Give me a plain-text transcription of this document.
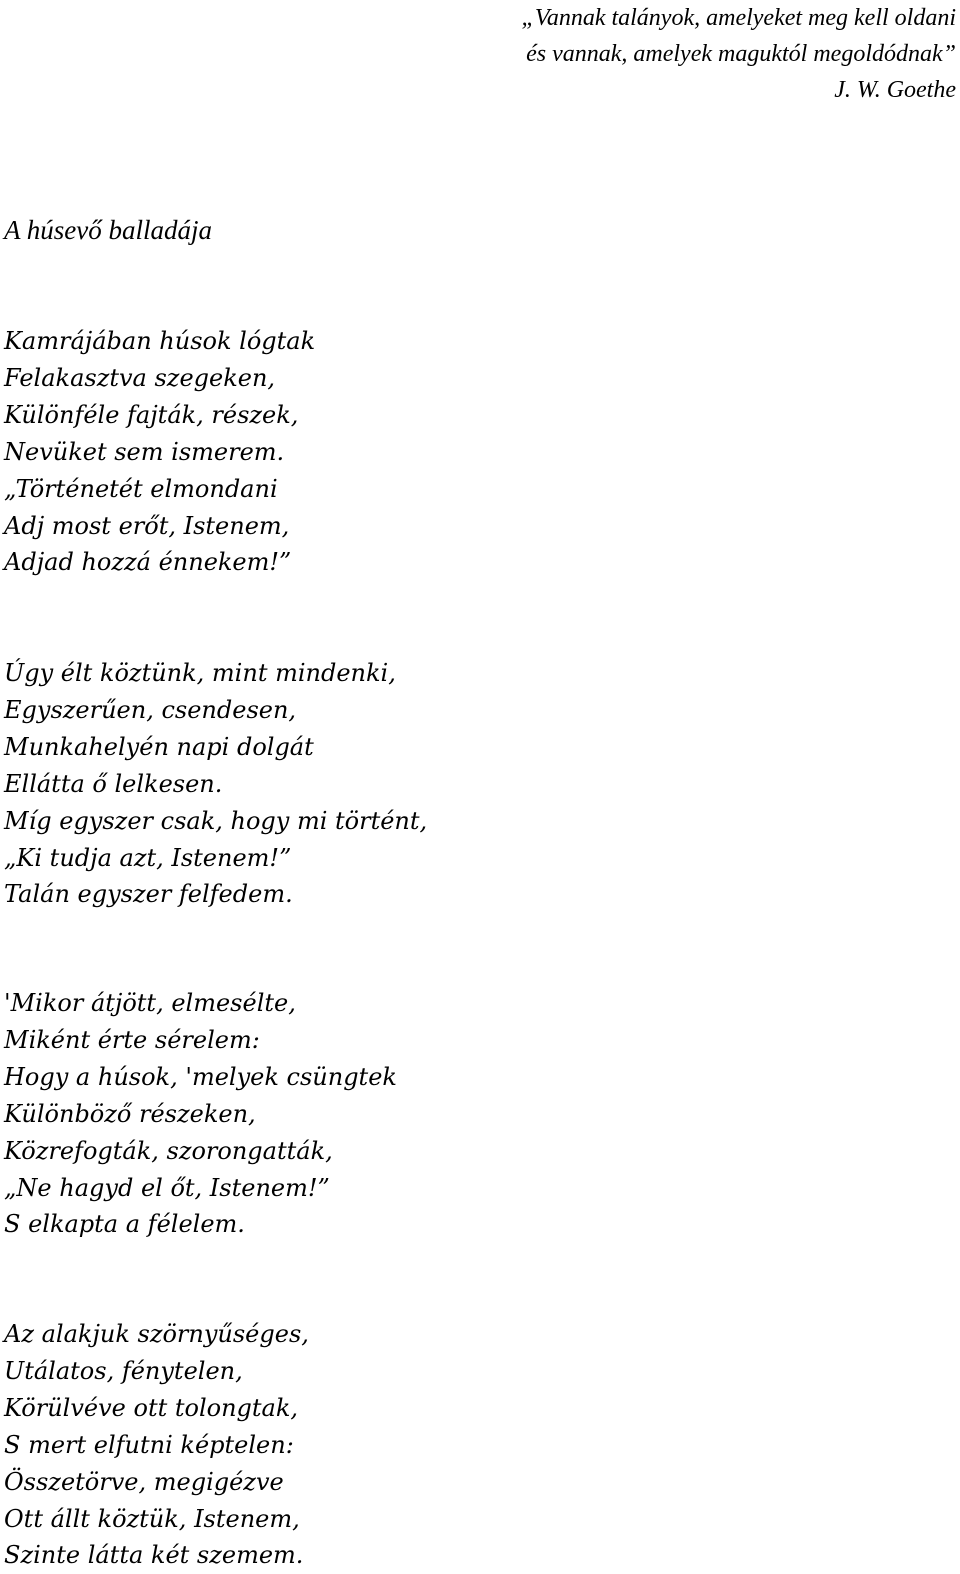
„Vannak talányok, amelyeket meg kell oldani
és vannak, amelyek maguktól megoldódnak”
J. W. Goethe
A húsevő balladája
Kamrájában húsok lógtak
Felakasztva szegeken,
Különféle fajták, részek,
Nevüket sem ismerem.
„Történetét elmondani
Adj most erőt, Istenem,
Adjad hozzá énnekem!”
Úgy élt köztünk, mint mindenki,
Egyszerűen, csendesen,
Munkahelyén napi dolgát
Ellátta ő lelkesen.
Míg egyszer csak, hogy mi történt,
„Ki tudja azt, Istenem!”
Talán egyszer felfedem.
'Mikor átjött, elmesélte,
Miként érte sérelem:
Hogy a húsok, 'melyek csüngtek
Különböző részeken,
Közrefogták, szorongatták,
„Ne hagyd el őt, Istenem!”
S elkapta a félelem.
Az alakjuk szörnyűséges,
Utálatos, fénytelen,
Körülvéve ott tolongtak,
S mert elfutni képtelen:
Összetörve, megigézve
Ott állt köztük, Istenem,
Szinte látta két szemem.
